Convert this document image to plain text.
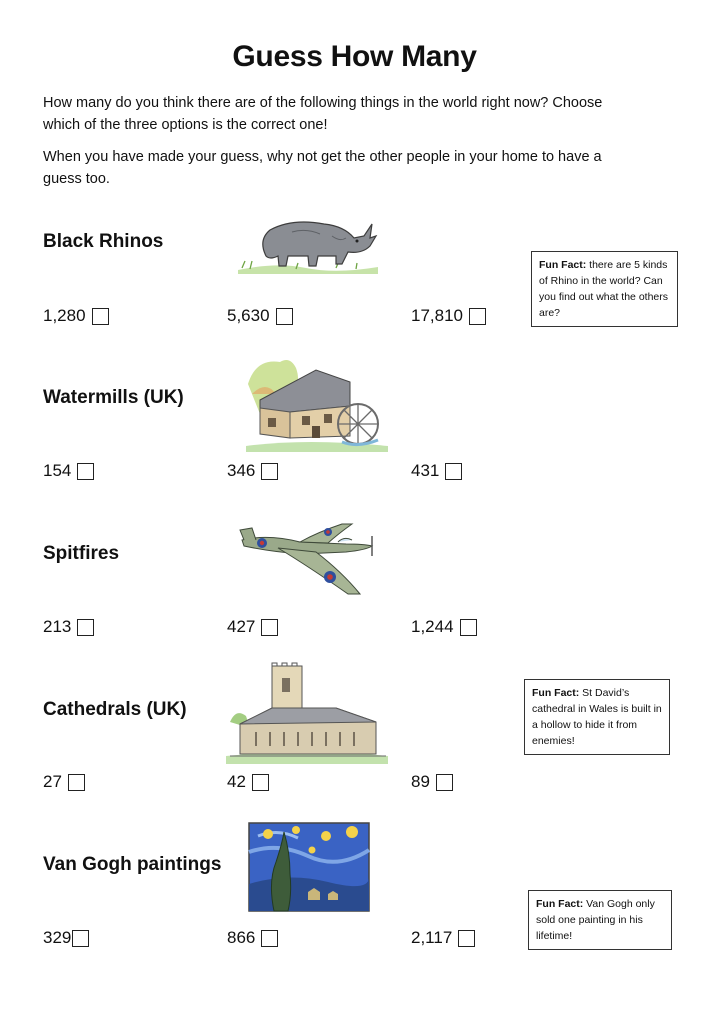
Guess How Many

How many do you think there are of the following things in the world right now? Choose which of the three options is the correct one!

When you have made your guess, why not get the other people in your home to have a guess too.

Black Rhinos
1,280	5,630	17,810
Fun Fact: there are 5 kinds of Rhino in the world? Can you find out what the others are?
Watermills (UK)
154	346	431
Spitfires
213	427	1,244
Cathedrals (UK)
27	42	89
Fun Fact: St David’s cathedral in Wales is built in a hollow to hide it from enemies!
Van Gogh paintings
329	866	2,117
Fun Fact: Van Gogh only sold one painting in his lifetime!
